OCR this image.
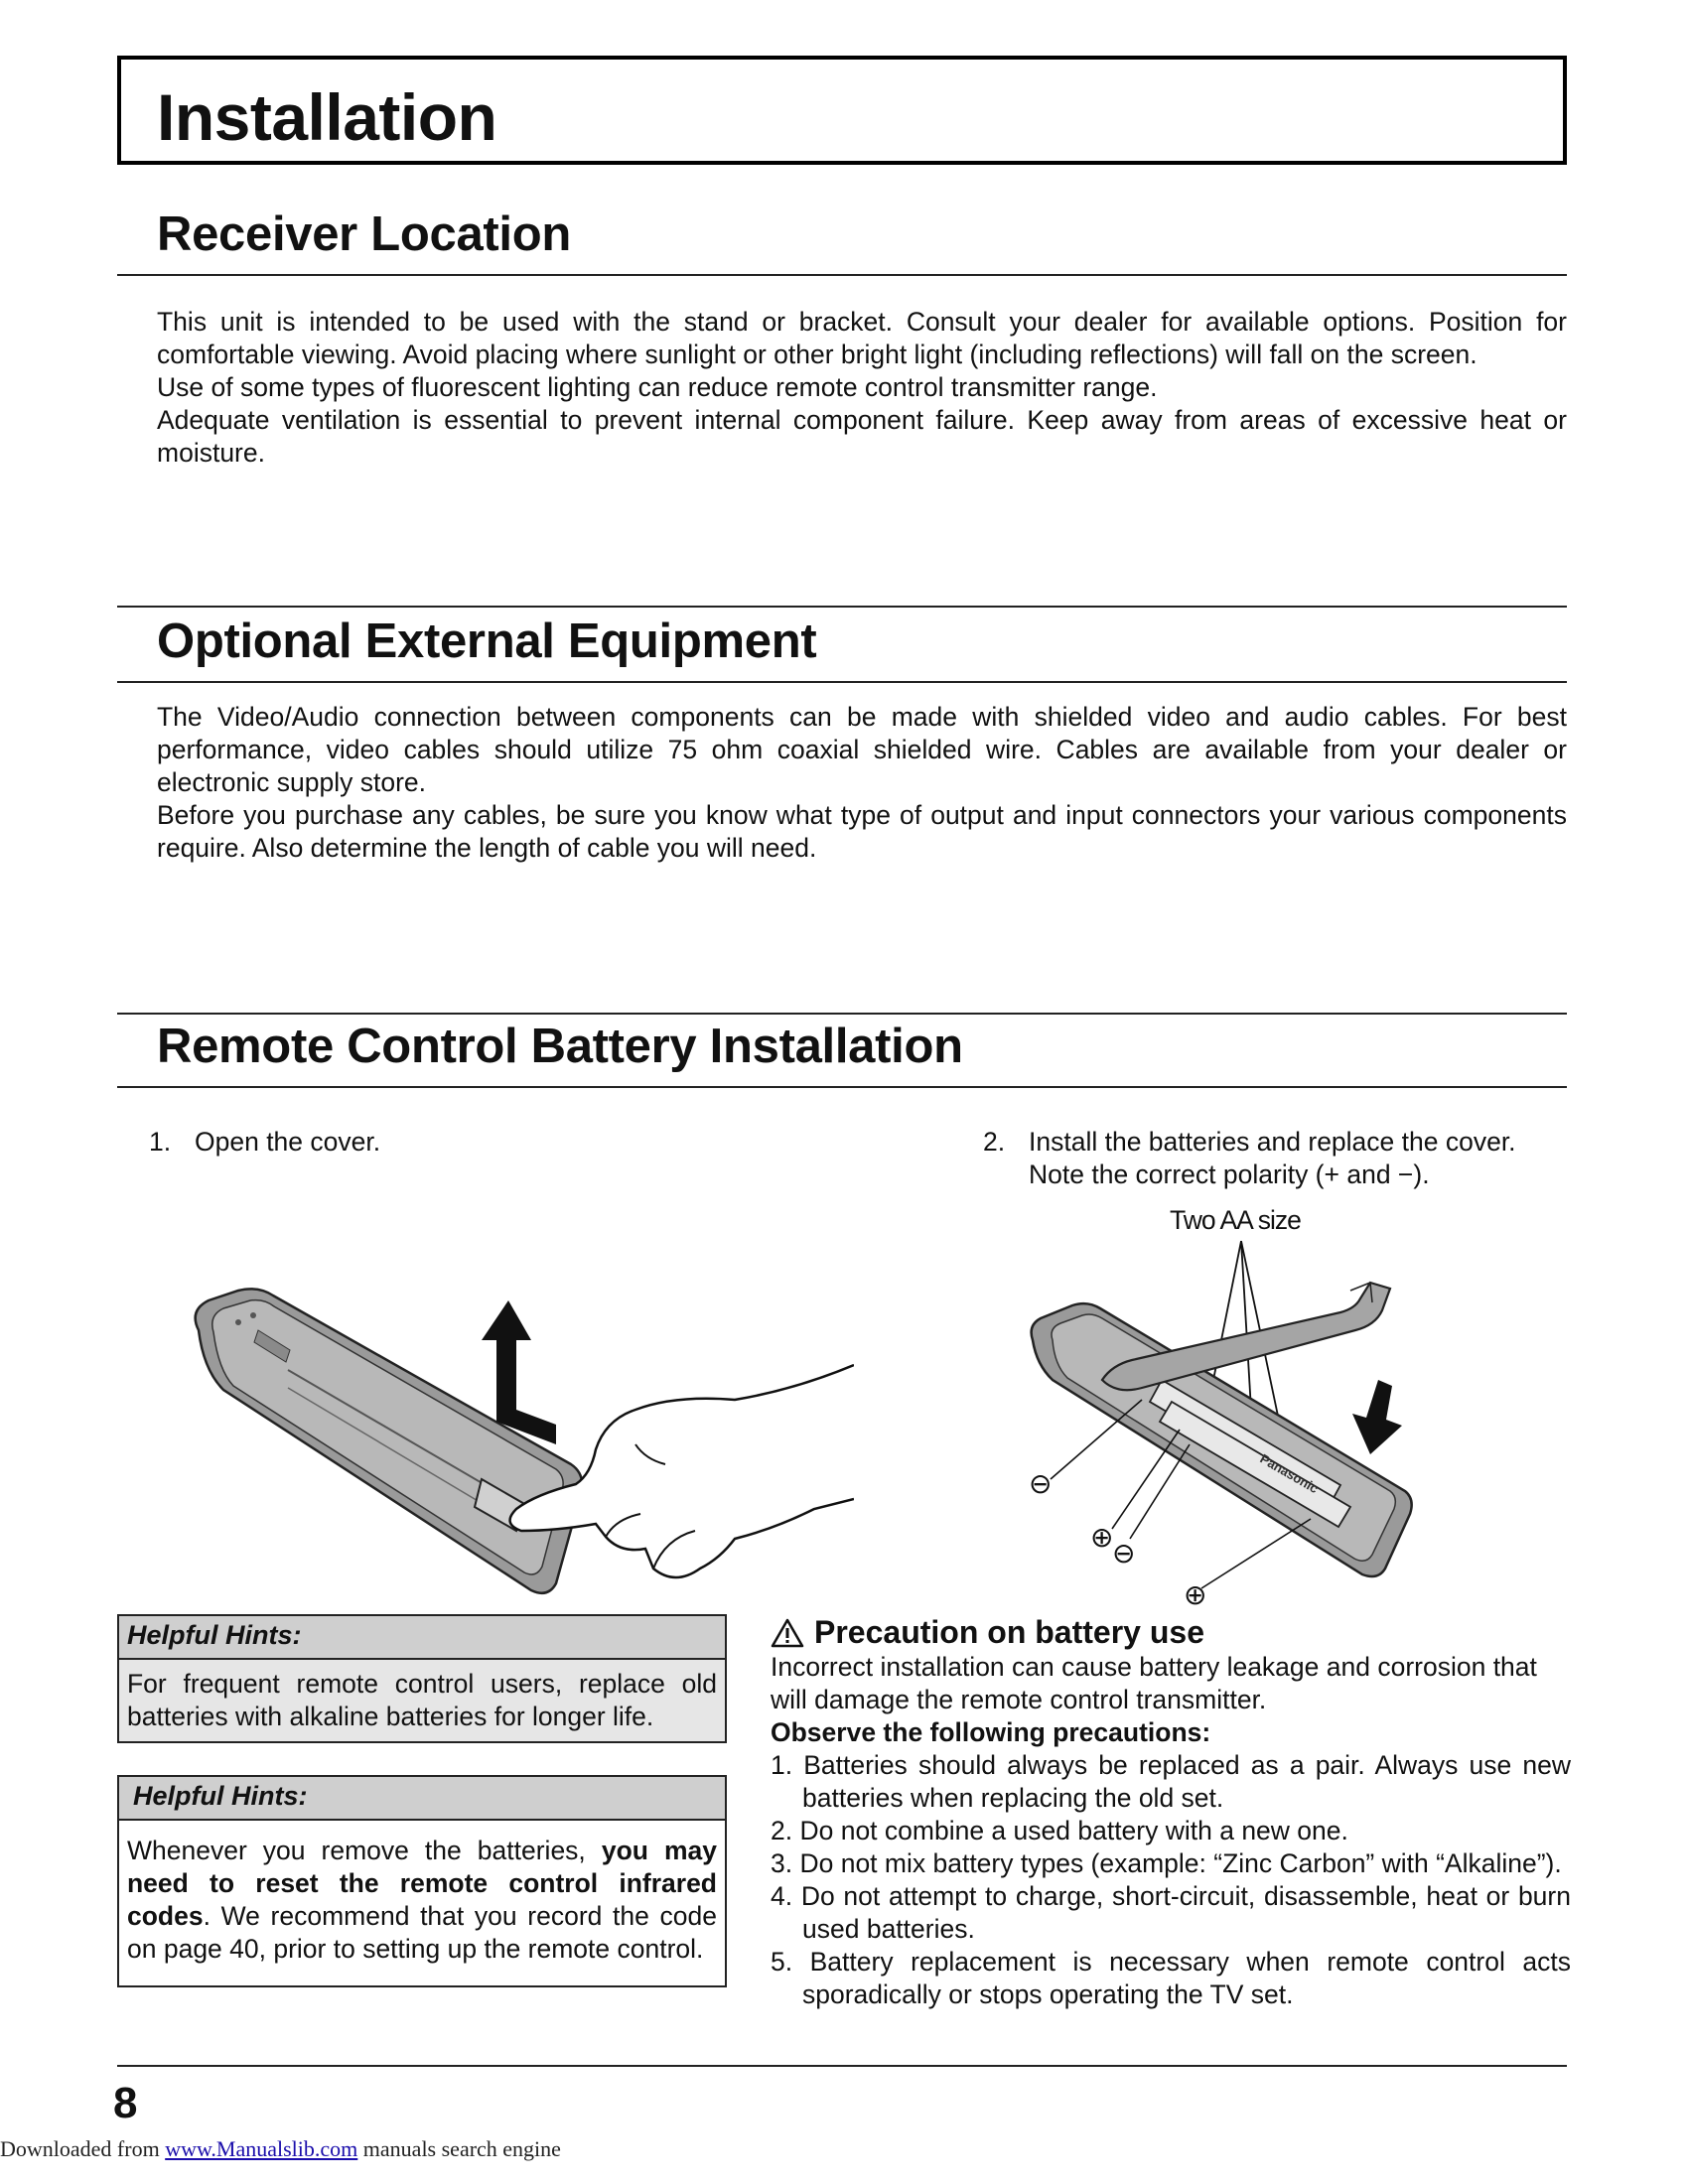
Installation
Receiver Location

This unit is intended to be used with the stand or bracket. Consult your dealer for available options. Position for comfortable viewing. Avoid placing where sunlight or other bright light (including reflections) will fall on the screen.

Use of some types of fluorescent lighting can reduce remote control transmitter range.

Adequate ventilation is essential to prevent internal component failure. Keep away from areas of excessive heat or moisture.

Optional External Equipment

The Video/Audio connection between components can be made with shielded video and audio cables. For best performance, video cables should utilize 75 ohm coaxial shielded wire. Cables are available from your dealer or electronic supply store.

Before you purchase any cables, be sure you know what type of output and input connectors your various components require. Also determine the length of cable you will need.

Remote Control Battery Installation
1. Open the cover.	2. Install the batteries and replace the cover.
Note the correct polarity (+ and −).
Two AA size
Panasonic
⊖
⊕
⊖
⊕
Helpful Hints:
For frequent remote control users, replace old batteries with alkaline batteries for longer life.
Helpful Hints:
Whenever you remove the batteries, you may need to reset the remote control infrared codes. We recommend that you record the code on page 40, prior to setting up the remote control.
Precaution on battery use
Incorrect installation can cause battery leakage and corrosion that will damage the remote control transmitter.
Observe the following precautions:
1. Batteries should always be replaced as a pair. Always use new batteries when replacing the old set.
2. Do not combine a used battery with a new one.
3. Do not mix battery types (example: “Zinc Carbon” with “Alkaline”).
4. Do not attempt to charge, short-circuit, disassemble, heat or burn used batteries.
5. Battery replacement is necessary when remote control acts sporadically or stops operating the TV set.
8
Downloaded from www.Manualslib.com manuals search engine
